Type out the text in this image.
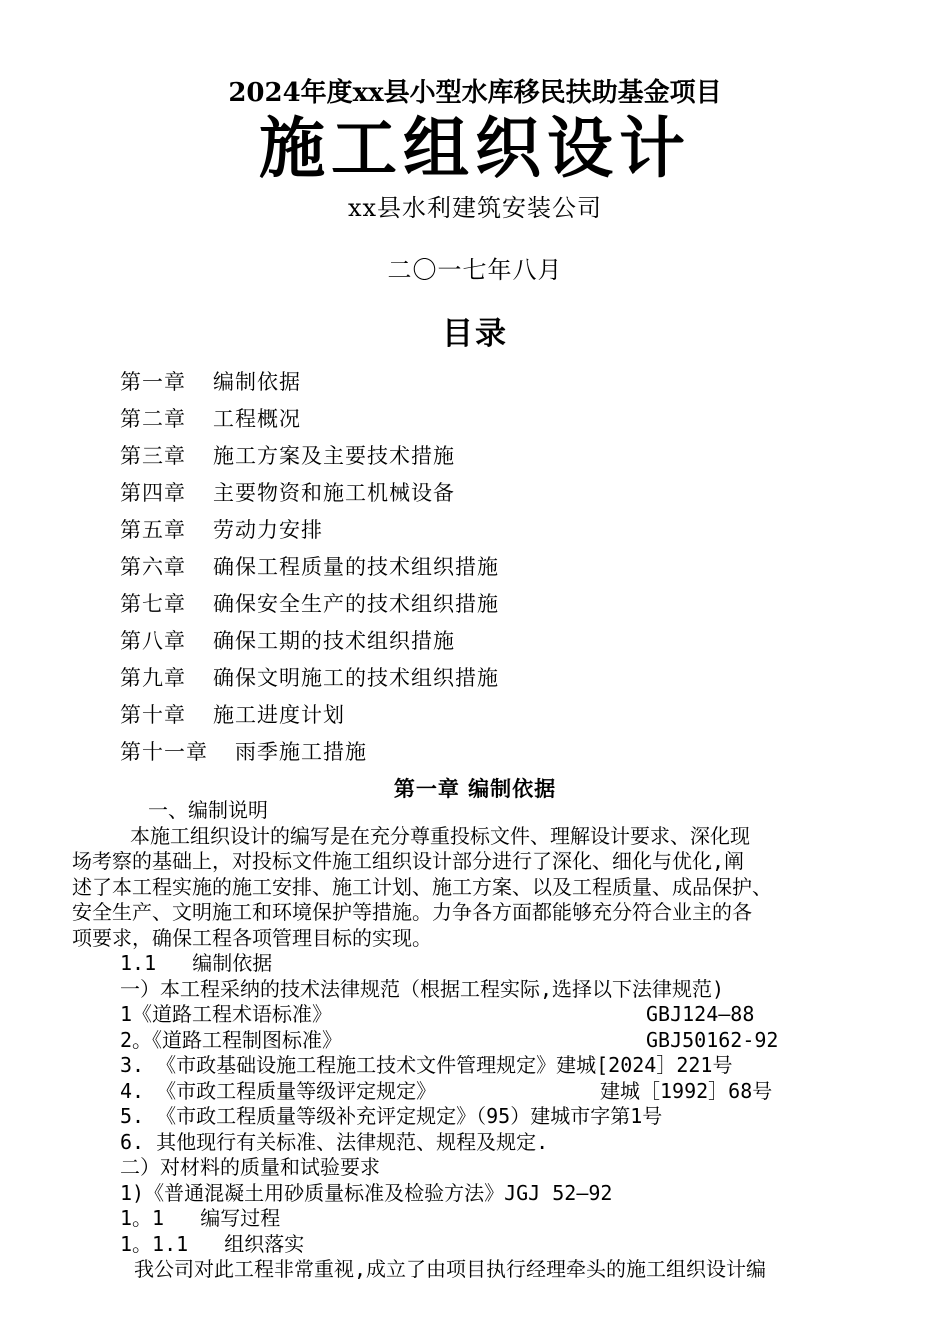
2024年度xx县小型水库移民扶助基金项目
施工组织设计
xx县水利建筑安装公司
二〇一七年八月
目录
第一章 编制依据
第二章 工程概况
第三章 施工方案及主要技术措施
第四章 主要物资和施工机械设备
第五章 劳动力安排
第六章 确保工程质量的技术组织措施
第七章 确保安全生产的技术组织措施
第八章 确保工期的技术组织措施
第九章 确保文明施工的技术组织措施
第十章 施工进度计划
第十一章 雨季施工措施
第一章 编制依据
一、编制说明
本施工组织设计的编写是在充分尊重投标文件、理解设计要求、深化现
场考察的基础上，对投标文件施工组织设计部分进行了深化、细化与优化,阐
述了本工程实施的施工安排、施工计划、施工方案、以及工程质量、成品保护、
安全生产、文明施工和环境保护等措施。力争各方面都能够充分符合业主的各
项要求，确保工程各项管理目标的实现。
1.1   编制依据
一）本工程采纳的技术法律规范（根据工程实际,选择以下法律规范)
1《道路工程术语标准》	GBJ124—88
2。《道路工程制图标准》	GBJ50162-92
3. 《市政基础设施工程施工技术文件管理规定》建城[2024］221号
4. 《市政工程质量等级评定规定》	建城［1992］68号
5. 《市政工程质量等级补充评定规定》（95）建城市字第1号
6. 其他现行有关标准、法律规范、规程及规定.
二）对材料的质量和试验要求
1)《普通混凝土用砂质量标准及检验方法》JGJ 52—92
1。1   编写过程
1。1.1   组织落实
我公司对此工程非常重视,成立了由项目执行经理牵头的施工组织设计编
